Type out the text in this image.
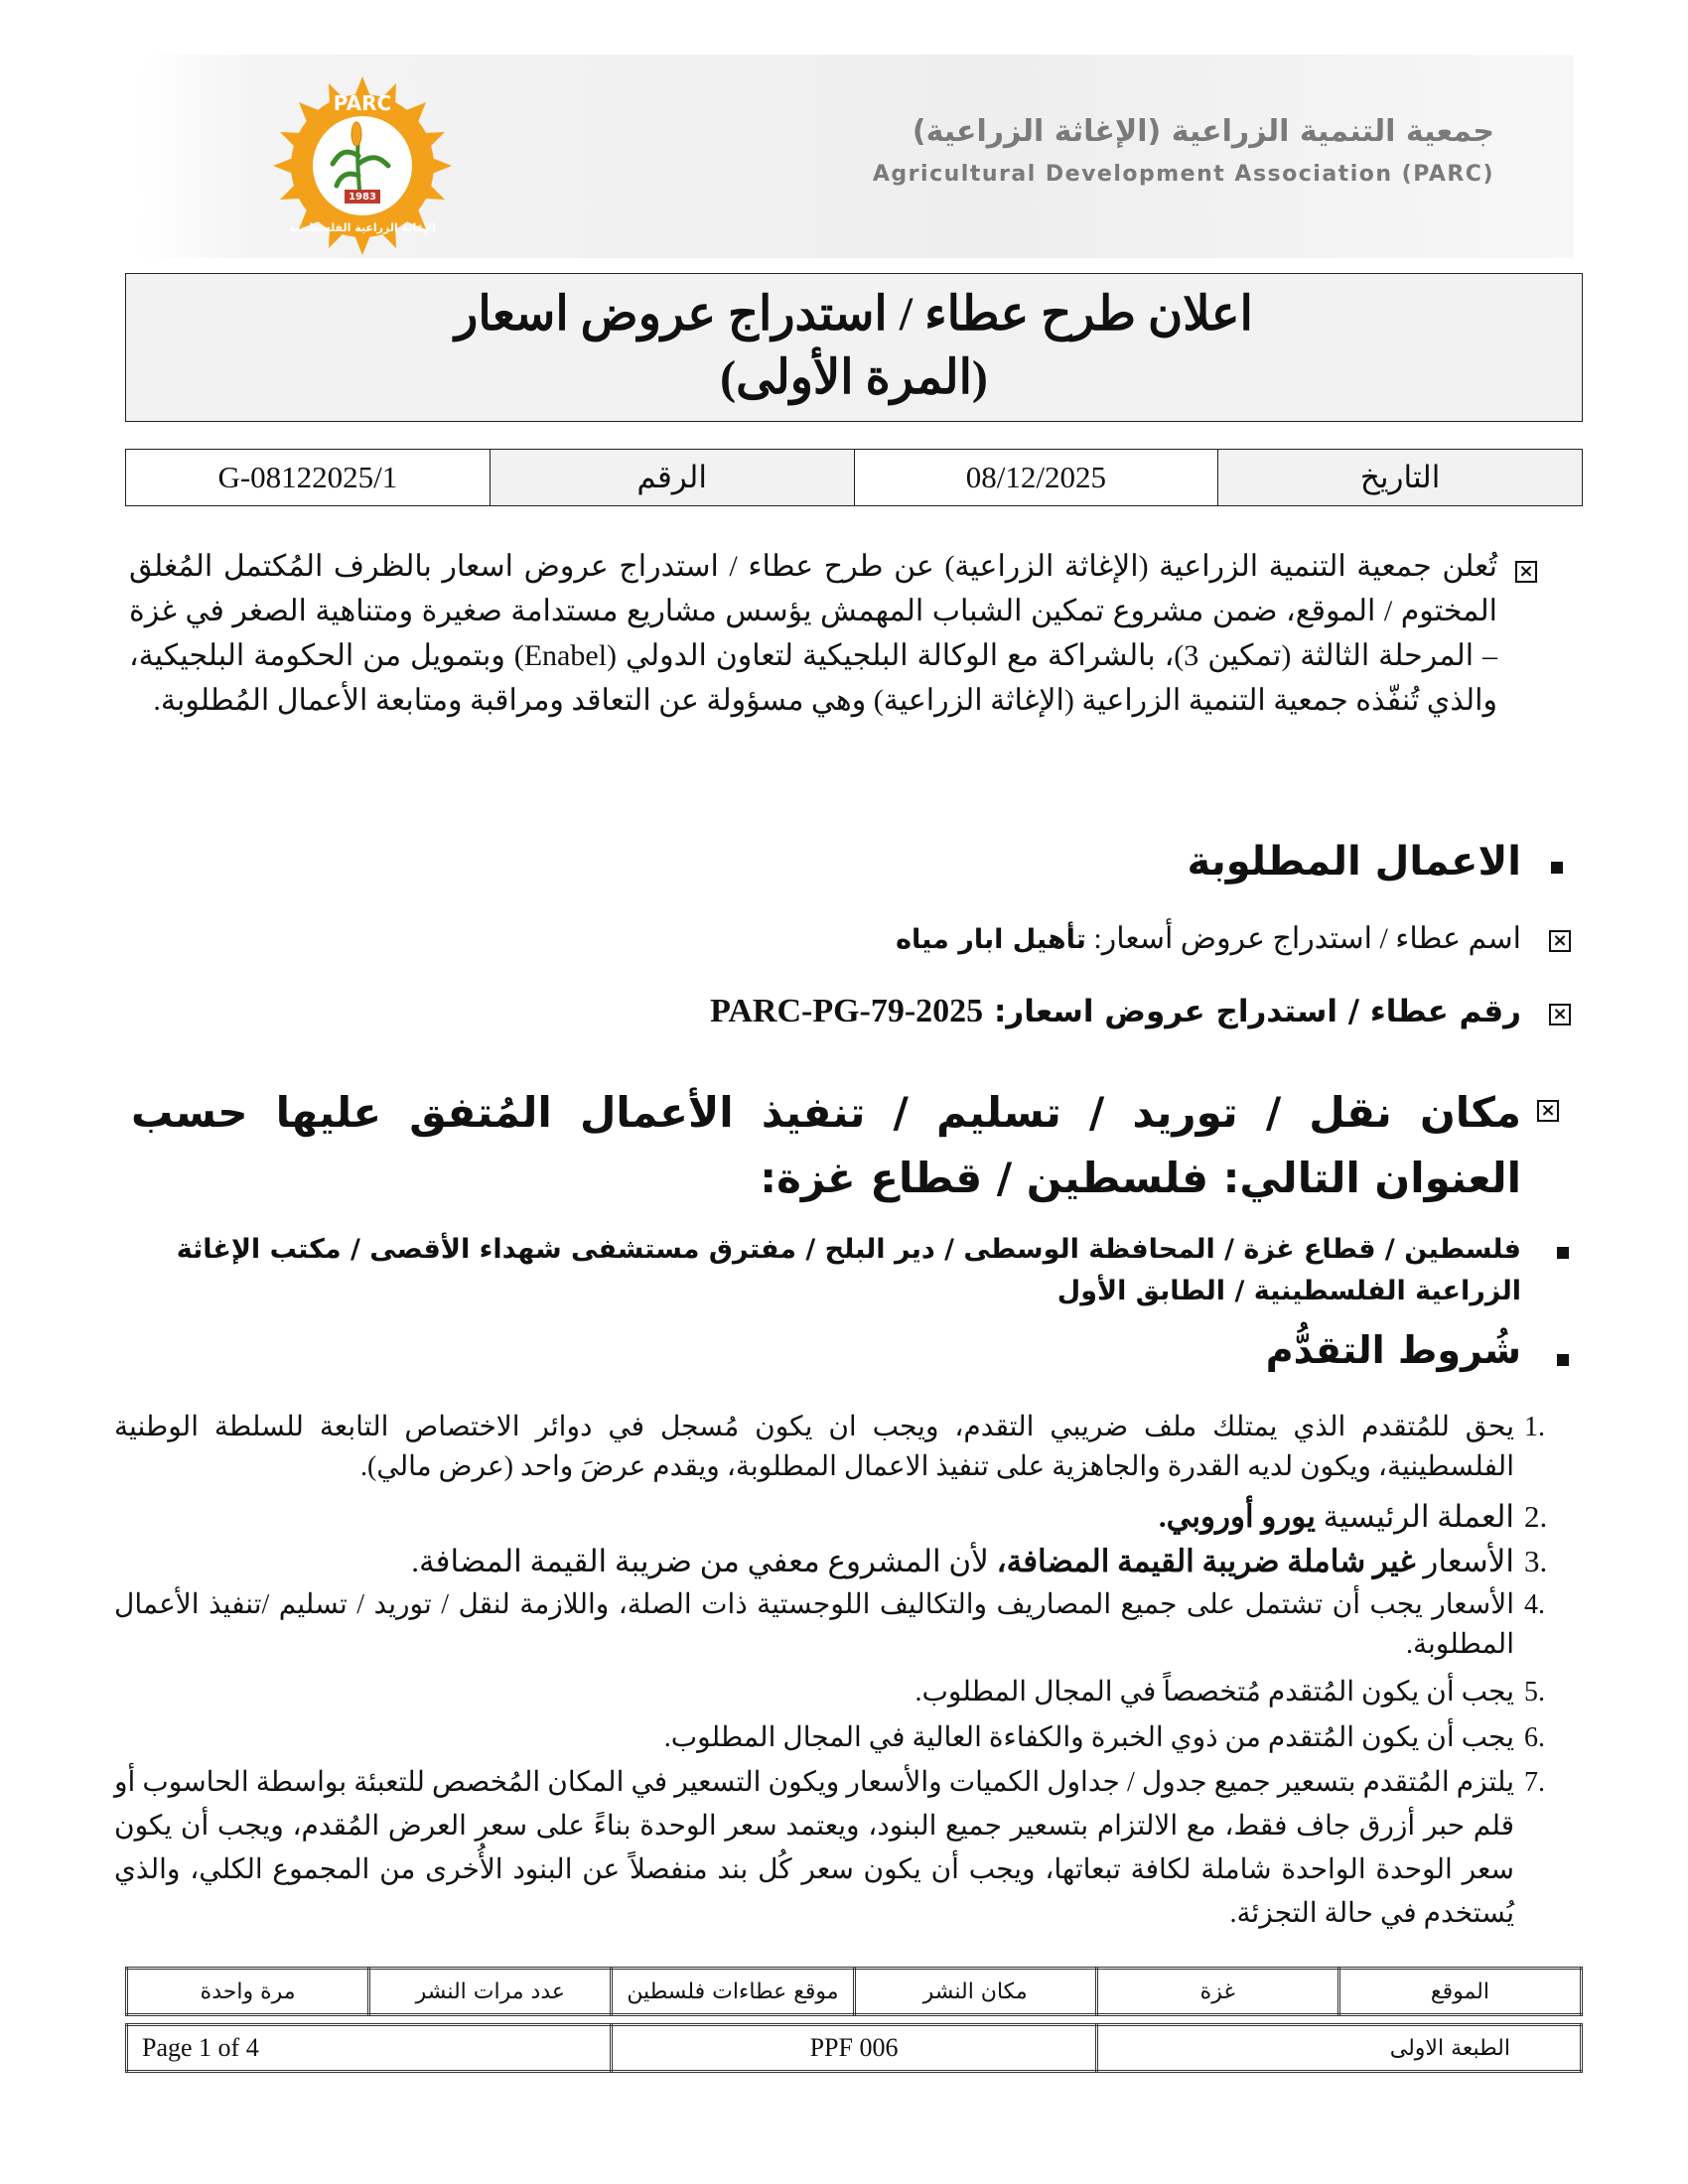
PARC
1983
الإغاثة الزراعية الفلسطينية
جمعية التنمية الزراعية (الإغاثة الزراعية)
Agricultural Development Association (PARC)
اعلان طرح عطاء / استدراج عروض اسعار
(المرة الأولى)
التاريخ	08/12/2025	الرقم	G-08122025/1
×
تُعلن جمعية التنمية الزراعية (الإغاثة الزراعية) عن طرح عطاء / استدراج عروض اسعار بالظرف المُكتمل المُغلق المختوم / الموقع، ضمن مشروع تمكين الشباب المهمش يؤسس مشاريع مستدامة صغيرة ومتناهية الصغر في غزة – المرحلة الثالثة (تمكين 3)، بالشراكة مع الوكالة البلجيكية لتعاون الدولي (Enabel) وبتمويل من الحكومة البلجيكية، والذي تُنفّذه جمعية التنمية الزراعية (الإغاثة الزراعية) وهي مسؤولة عن التعاقد ومراقبة ومتابعة الأعمال المُطلوبة.
الاعمال المطلوبة
×
اسم عطاء / استدراج عروض أسعار: تأهيل ابار مياه
×
رقم عطاء / استدراج عروض اسعار: PARC-PG-79-2025
×
مكان نقل / توريد / تسليم / تنفيذ الأعمال المُتفق عليها حسب العنوان التالي: فلسطين / قطاع غزة:
فلسطين / قطاع غزة / المحافظة الوسطى / دير البلح / مفترق مستشفى شهداء الأقصى / مكتب الإغاثة الزراعية الفلسطينية / الطابق الأول
شُروط التقدُّم
1.
يحق للمُتقدم الذي يمتلك ملف ضريبي التقدم، ويجب ان يكون مُسجل في دوائر الاختصاص التابعة للسلطة الوطنية الفلسطينية، ويكون لديه القدرة والجاهزية على تنفيذ الاعمال المطلوبة، ويقدم عرضَ واحد (عرض مالي).
2.
العملة الرئيسية يورو أوروبي.
3.
الأسعار غير شاملة ضريبة القيمة المضافة، لأن المشروع معفي من ضريبة القيمة المضافة.
4.
الأسعار يجب أن تشتمل على جميع المصاريف والتكاليف اللوجستية ذات الصلة، واللازمة لنقل / توريد / تسليم /تنفيذ الأعمال المطلوبة.
5.
يجب أن يكون المُتقدم مُتخصصاً في المجال المطلوب.
6.
يجب أن يكون المُتقدم من ذوي الخبرة والكفاءة العالية في المجال المطلوب.
7.
يلتزم المُتقدم بتسعير جميع جدول / جداول الكميات والأسعار ويكون التسعير في المكان المُخصص للتعبئة بواسطة الحاسوب أو قلم حبر أزرق جاف فقط، مع الالتزام بتسعير جميع البنود، ويعتمد سعر الوحدة بناءً على سعر العرض المُقدم، ويجب أن يكون سعر الوحدة الواحدة شاملة لكافة تبعاتها، ويجب أن يكون سعر كُل بند منفصلاً عن البنود الأُخرى من المجموع الكلي، والذي يُستخدم في حالة التجزئة.
الموقع	غزة	مكان النشر	موقع عطاءات فلسطين	عدد مرات النشر	مرة واحدة
الطبعة الاولى	PPF 006	Page 1 of 4
